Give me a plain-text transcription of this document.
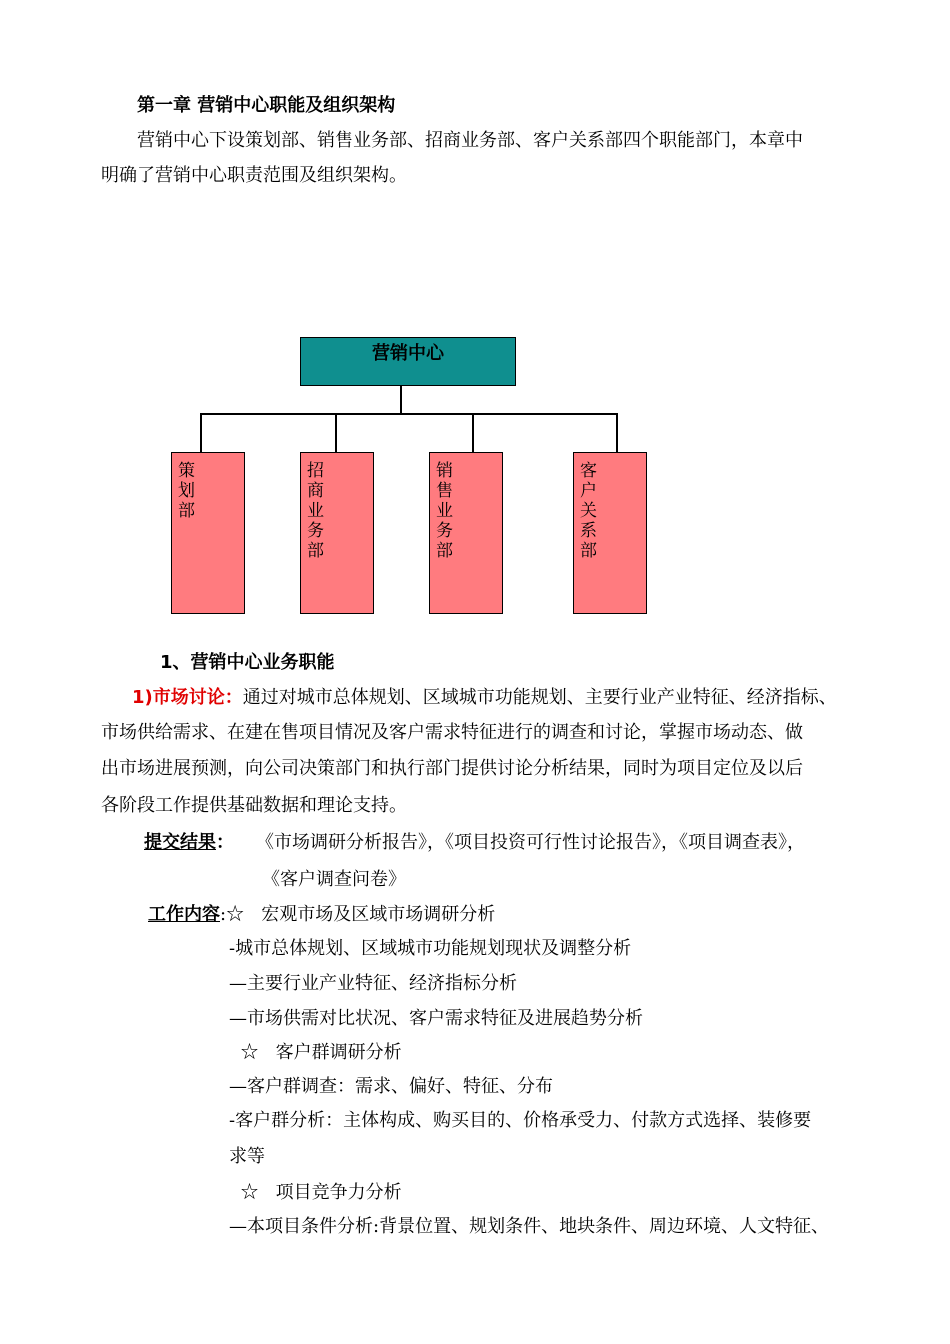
第一章 营销中心职能及组织架构
营销中心下设策划部、销售业务部、招商业务部、客户关系部四个职能部门，本章中
明确了营销中心职责范围及组织架构。
营销中心
策划部
招商业务部
销售业务部
客户关系部
1、营销中心业务职能
1)市场讨论：通过对城市总体规划、区域城市功能规划、主要行业产业特征、经济指标、
市场供给需求、在建在售项目情况及客户需求特征进行的调查和讨论，掌握市场动态、做
出市场进展预测，向公司决策部门和执行部门提供讨论分析结果，同时为项目定位及以后
各阶段工作提供基础数据和理论支持。
提交结果： 《市场调研分析报告》，《项目投资可行性讨论报告》，《项目调查表》，
《客户调查问卷》
工作内容:☆   宏观市场及区域市场调研分析
-城市总体规划、区域城市功能规划现状及调整分析
—主要行业产业特征、经济指标分析
—市场供需对比状况、客户需求特征及进展趋势分析
☆   客户群调研分析
—客户群调查：需求、偏好、特征、分布
-客户群分析：主体构成、购买目的、价格承受力、付款方式选择、装修要
求等
☆   项目竞争力分析
—本项目条件分析:背景位置、规划条件、地块条件、周边环境、人文特征、
